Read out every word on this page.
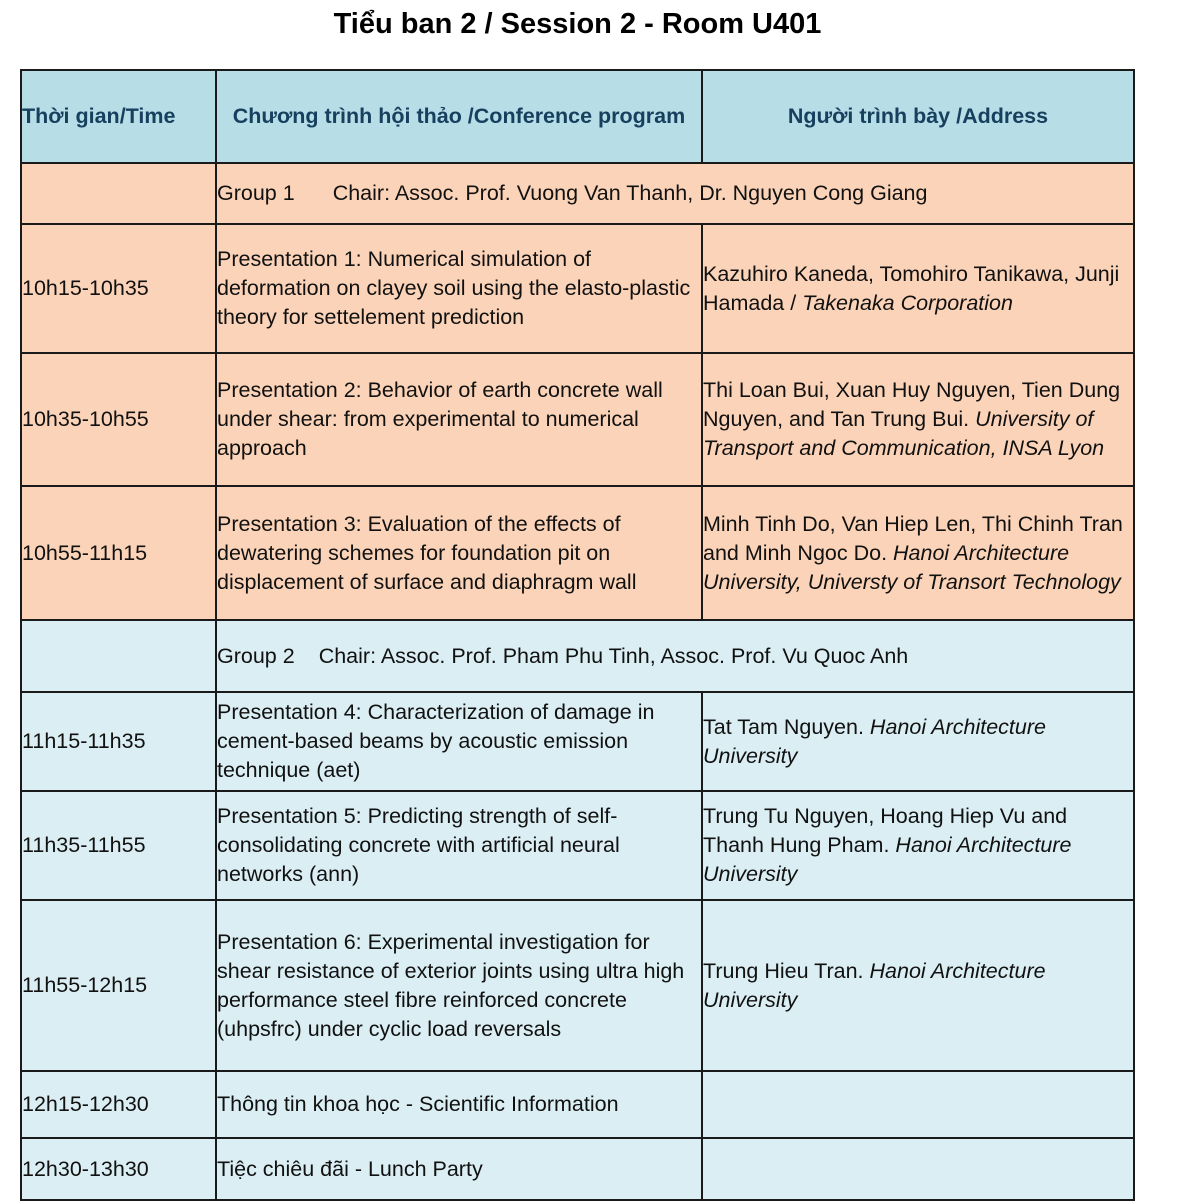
Tiểu ban 2 / Session 2 - Room U401
Thời gian/Time	Chương trình hội thảo /Conference program	Người trình bày /Address
	Group 1 Chair: Assoc. Prof. Vuong Van Thanh, Dr. Nguyen Cong Giang	
10h15-10h35	Presentation 1: Numerical simulation of deformation on clayey soil using the elasto-plastic theory for settelement prediction	Kazuhiro Kaneda, Tomohiro Tanikawa, Junji Hamada / Takenaka Corporation
10h35-10h55	Presentation 2: Behavior of earth concrete wall under shear: from experimental to numerical approach	Thi Loan Bui, Xuan Huy Nguyen, Tien Dung Nguyen, and Tan Trung Bui. University of Transport and Communication, INSA Lyon
10h55-11h15	Presentation 3: Evaluation of the effects of dewatering schemes for foundation pit on displacement of surface and diaphragm wall	Minh Tinh Do, Van Hiep Len, Thi Chinh Tran and Minh Ngoc Do. Hanoi Architecture University, Universty of Transort Technology
	Group 2 Chair: Assoc. Prof. Pham Phu Tinh, Assoc. Prof. Vu Quoc Anh	
11h15-11h35	Presentation 4: Characterization of damage in cement-based beams by acoustic emission technique (aet)	Tat Tam Nguyen. Hanoi Architecture University
11h35-11h55	Presentation 5: Predicting strength of self-consolidating concrete with artificial neural networks (ann)	Trung Tu Nguyen, Hoang Hiep Vu and Thanh Hung Pham. Hanoi Architecture University
11h55-12h15	Presentation 6: Experimental investigation for shear resistance of exterior joints using ultra high performance steel fibre reinforced concrete (uhpsfrc) under cyclic load reversals	Trung Hieu Tran. Hanoi Architecture University
12h15-12h30	Thông tin khoa học - Scientific Information	
12h30-13h30	Tiệc chiêu đãi - Lunch Party	
